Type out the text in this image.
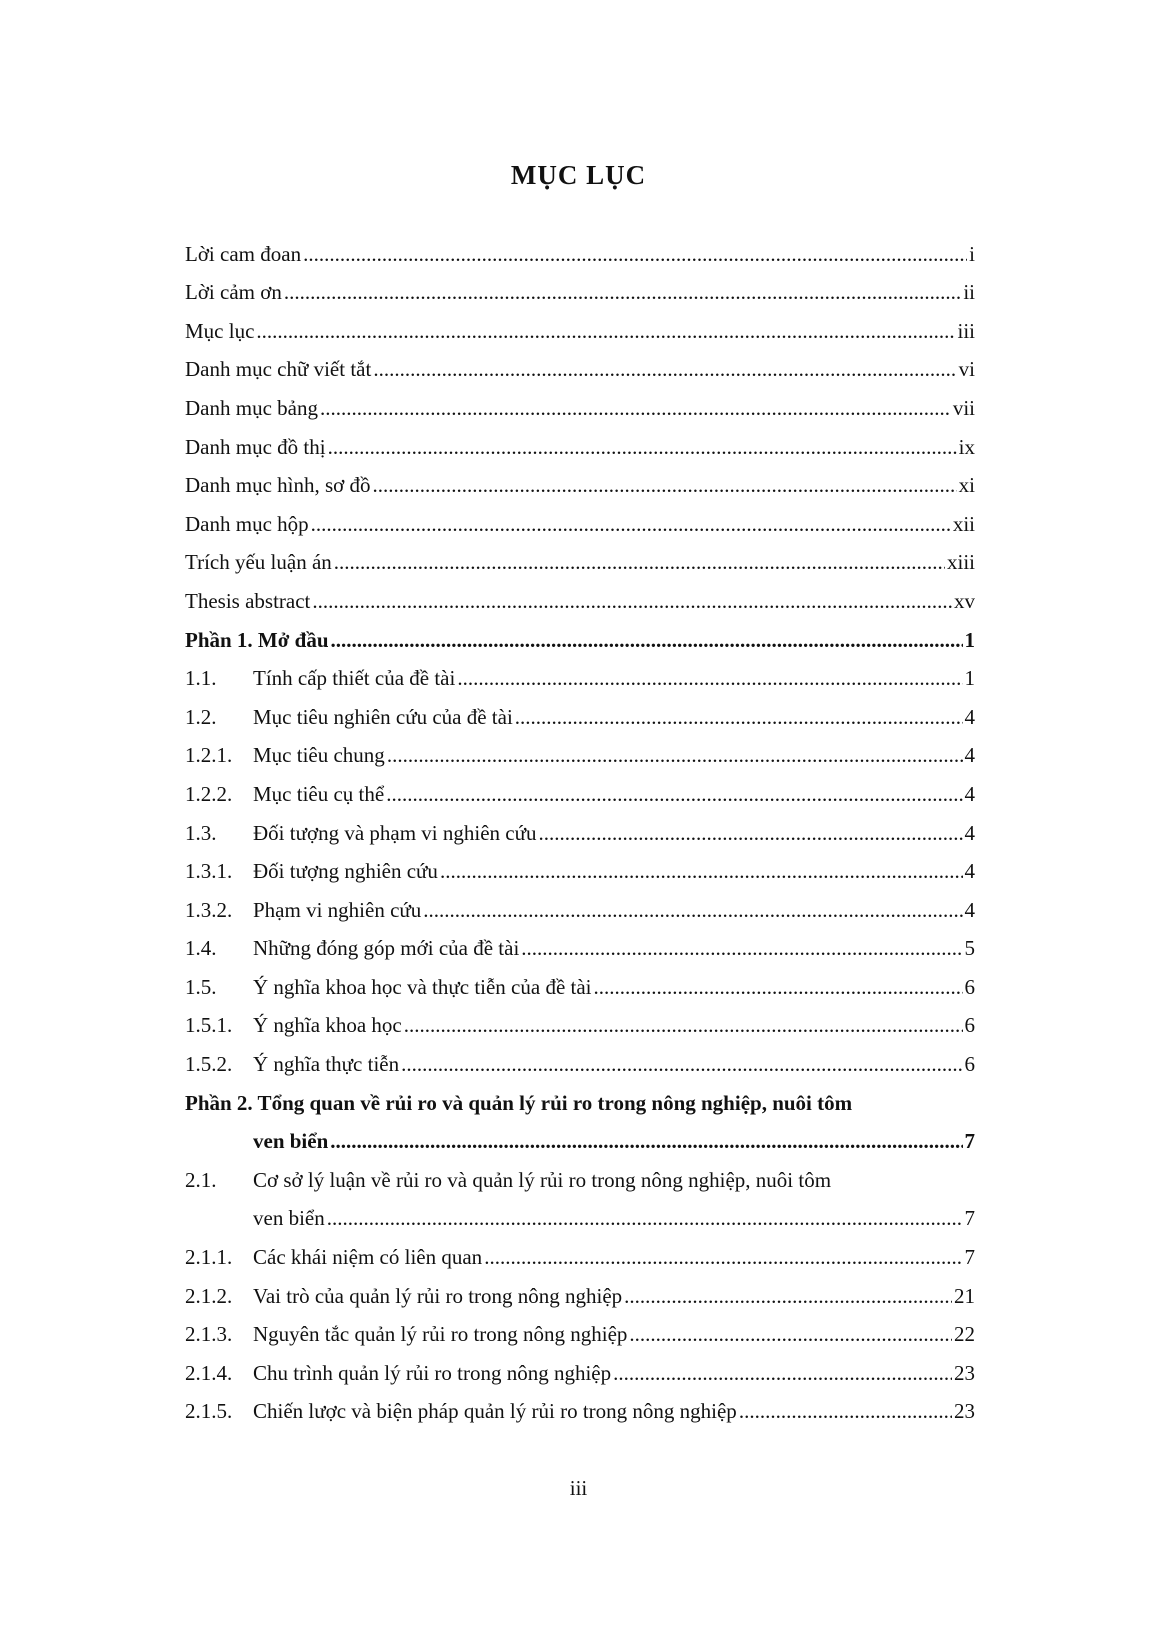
MỤC LỤC
Lời cam đoan .....	i
Lời cảm ơn .....	ii
Mục lục .....	iii
Danh mục chữ viết tắt .....	vi
Danh mục bảng .....	vii
Danh mục đồ thị .....	ix
Danh mục hình, sơ đồ .....	xi
Danh mục hộp .....	xii
Trích yếu luận án .....	xiii
Thesis abstract .....	xv
Phần 1. Mở đầu .....	1
1.1.	Tính cấp thiết của đề tài .....	1
1.2.	Mục tiêu nghiên cứu của đề tài .....	4
1.2.1. Mục tiêu chung .....	4
1.2.2. Mục tiêu cụ thể .....	4
1.3.	Đối tượng và phạm vi nghiên cứu .....	4
1.3.1. Đối tượng nghiên cứu .....	4
1.3.2. Phạm vi nghiên cứu .....	4
1.4.	Những đóng góp mới của đề tài .....	5
1.5.	Ý nghĩa khoa học và thực tiễn của đề tài .....	6
1.5.1. Ý nghĩa khoa học .....	6
1.5.2. Ý nghĩa thực tiễn .....	6
Phần 2. Tổng quan về rủi ro và quản lý rủi ro trong nông nghiệp, nuôi tôm
ven biển .....	7
2.1.	Cơ sở lý luận về rủi ro và quản lý rủi ro trong nông nghiệp, nuôi tôm
ven biển .....	7
2.1.1. Các khái niệm có liên quan .....	7
2.1.2. Vai trò của quản lý rủi ro trong nông nghiệp .....	21
2.1.3. Nguyên tắc quản lý rủi ro trong nông nghiệp .....	22
2.1.4. Chu trình quản lý rủi ro trong nông nghiệp .....	23
2.1.5. Chiến lược và biện pháp quản lý rủi ro trong nông nghiệp .....	23
iii
